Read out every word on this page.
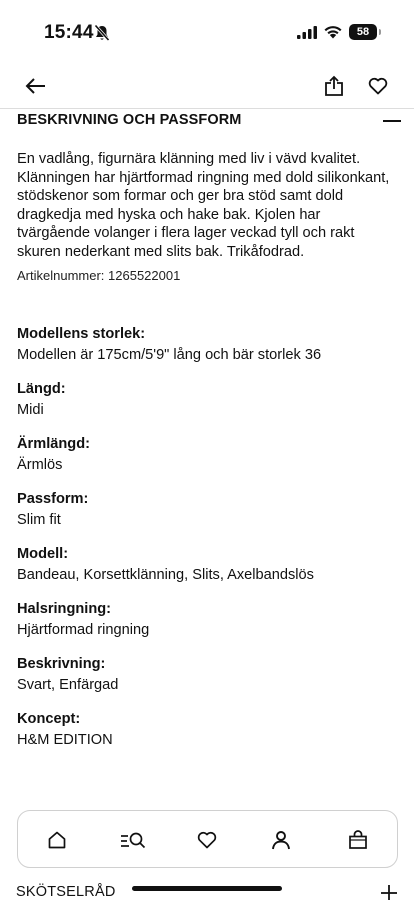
15:44	58
BESKRIVNING OCH PASSFORM

En vadlång, figurnära klänning med liv i vävd kvalitet. Klänningen har hjärtformad ringning med dold silikonkant, stödskenor som formar och ger bra stöd samt dold dragkedja med hyska och hake bak. Kjolen har tvärgående volanger i flera lager veckad tyll och rakt skuren nederkant med slits bak. Trikåfodrad.

Artikelnummer: 1265522001

Modellens storlek:
Modellen är 175cm/5'9" lång och bär storlek 36
Längd:
Midi
Ärmlängd:
Ärmlös
Passform:
Slim fit
Modell:
Bandeau, Korsettklänning, Slits, Axelbandslös
Halsringning:
Hjärtformad ringning
Beskrivning:
Svart, Enfärgad
Koncept:
H&M EDITION
SKÖTSELRÅD
